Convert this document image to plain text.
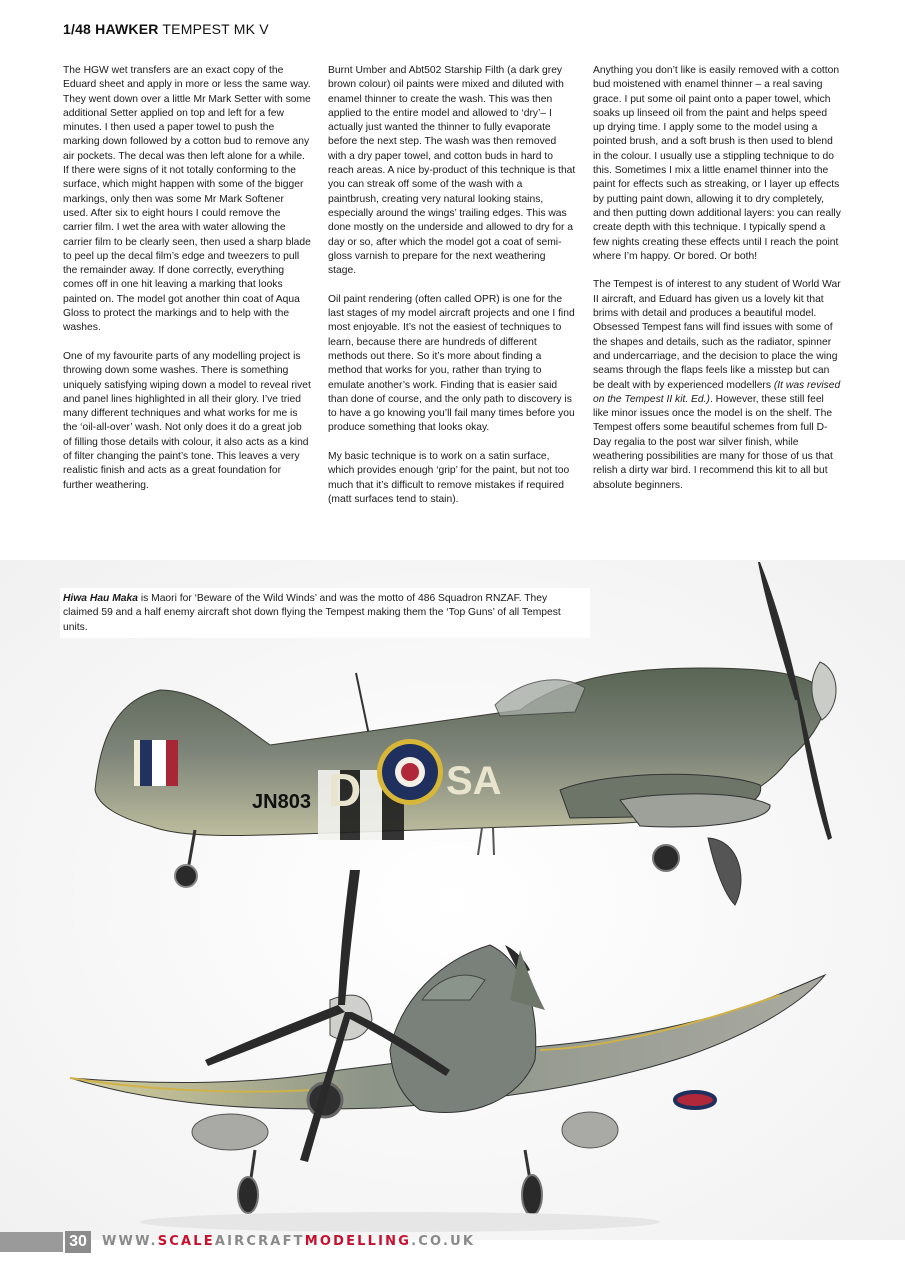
1/48 HAWKER TEMPEST MK V

The HGW wet transfers are an exact copy of the Eduard sheet and apply in more or less the same way. They went down over a little Mr Mark Setter with some additional Setter applied on top and left for a few minutes. I then used a paper towel to push the marking down followed by a cotton bud to remove any air pockets. The decal was then left alone for a while. If there were signs of it not totally conforming to the surface, which might happen with some of the bigger markings, only then was some Mr Mark Softener used. After six to eight hours I could remove the carrier film. I wet the area with water allowing the carrier film to be clearly seen, then used a sharp blade to peel up the decal film’s edge and tweezers to pull the remainder away. If done correctly, everything comes off in one hit leaving a marking that looks painted on. The model got another thin coat of Aqua Gloss to protect the markings and to help with the washes.

One of my favourite parts of any modelling project is throwing down some washes. There is something uniquely satisfying wiping down a model to reveal rivet and panel lines highlighted in all their glory. I’ve tried many different techniques and what works for me is the ‘oil-all-over’ wash. Not only does it do a great job of filling those details with colour, it also acts as a kind of filter changing the paint’s tone. This leaves a very realistic finish and acts as a great foundation for further weathering.

Burnt Umber and Abt502 Starship Filth (a dark grey brown colour) oil paints were mixed and diluted with enamel thinner to create the wash. This was then applied to the entire model and allowed to ‘dry’– I actually just wanted the thinner to fully evaporate before the next step. The wash was then removed with a dry paper towel, and cotton buds in hard to reach areas. A nice by-product of this technique is that you can streak off some of the wash with a paintbrush, creating very natural looking stains, especially around the wings’ trailing edges. This was done mostly on the underside and allowed to dry for a day or so, after which the model got a coat of semi-gloss varnish to prepare for the next weathering stage.

Oil paint rendering (often called OPR) is one for the last stages of my model aircraft projects and one I find most enjoyable. It’s not the easiest of techniques to learn, because there are hundreds of different methods out there. So it’s more about finding a method that works for you, rather than trying to emulate another’s work. Finding that is easier said than done of course, and the only path to discovery is to have a go knowing you’ll fail many times before you produce something that looks okay.

My basic technique is to work on a satin surface, which provides enough ‘grip’ for the paint, but not too much that it’s difficult to remove mistakes if required (matt surfaces tend to stain).

Anything you don’t like is easily removed with a cotton bud moistened with enamel thinner – a real saving grace. I put some oil paint onto a paper towel, which soaks up linseed oil from the paint and helps speed up drying time. I apply some to the model using a pointed brush, and a soft brush is then used to blend in the colour. I usually use a stippling technique to do this. Sometimes I mix a little enamel thinner into the paint for effects such as streaking, or I layer up effects by putting paint down, allowing it to dry completely, and then putting down additional layers: you can really create depth with this technique. I typically spend a few nights creating these effects until I reach the point where I’m happy. Or bored. Or both!

The Tempest is of interest to any student of World War II aircraft, and Eduard has given us a lovely kit that brims with detail and produces a beautiful model. Obsessed Tempest fans will find issues with some of the shapes and details, such as the radiator, spinner and undercarriage, and the decision to place the wing seams through the flaps feels like a misstep but can be dealt with by experienced modellers (It was revised on the Tempest II kit. Ed.). However, these still feel like minor issues once the model is on the shelf. The Tempest offers some beautiful schemes from full D-Day regalia to the post war silver finish, while weathering possibilities are many for those of us that relish a dirty war bird. I recommend this kit to all but absolute beginners.

JN803 D SA
Hiwa Hau Maka is Maori for ‘Beware of the Wild Winds’ and was the motto of 486 Squadron RNZAF. They claimed 59 and a half enemy aircraft shot down flying the Tempest making them the ‘Top Guns’ of all Tempest units.
30	WWW.SCALEAIRCRAFTMODELLING.CO.UK
